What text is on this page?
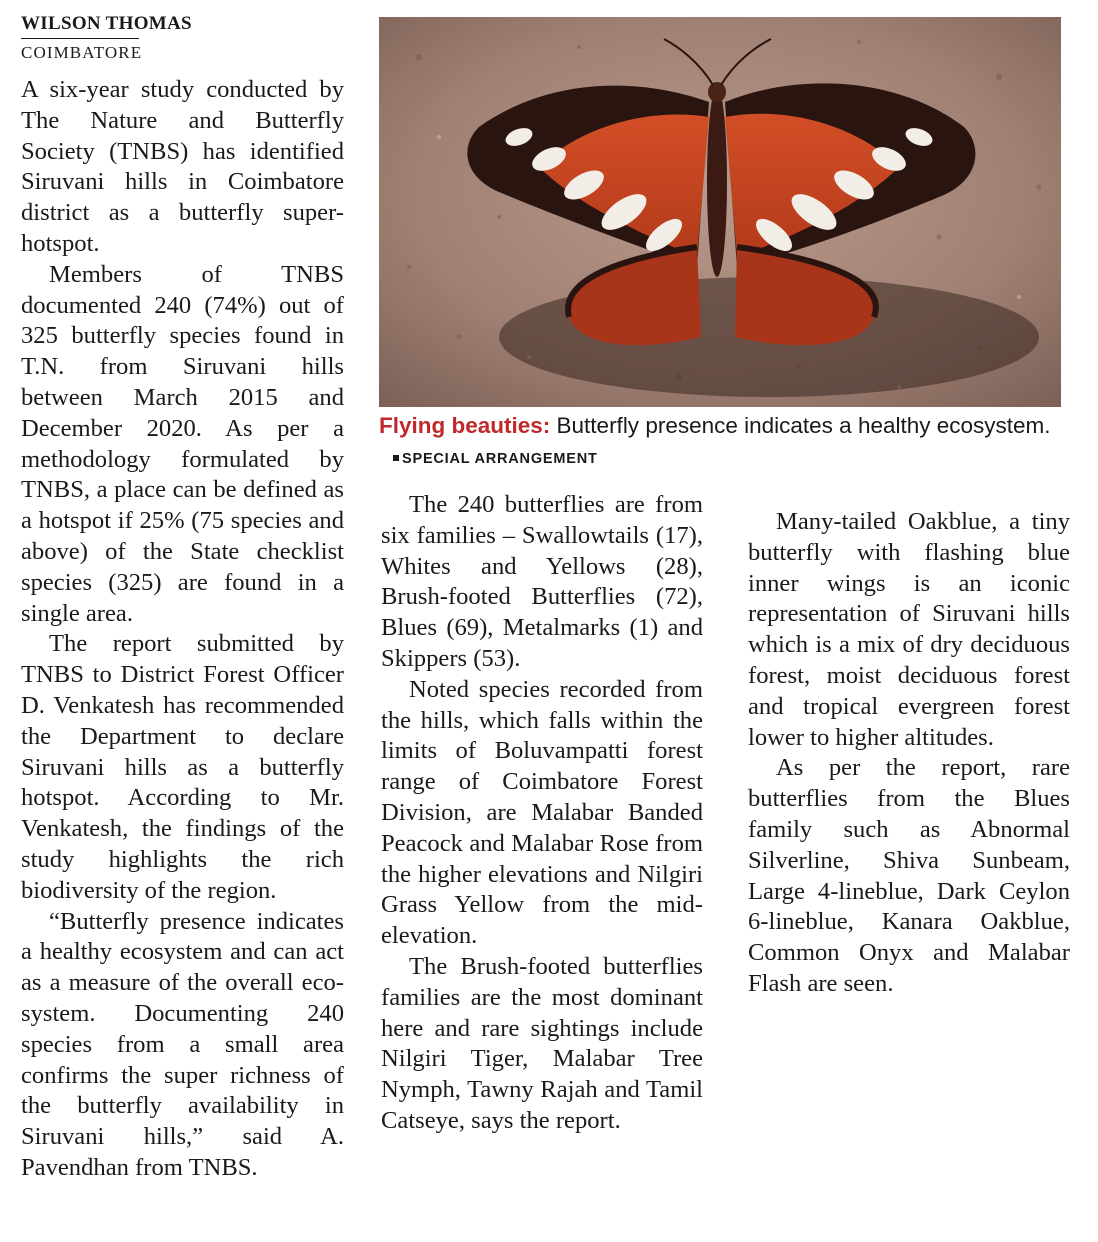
WILSON THOMAS
COIMBATORE

A six-year study conducted by The Nature and Butterfly Society (TNBS) has identified Siruvani hills in Coimbatore district as a butterfly super-hotspot.

Members of TNBS documented 240 (74%) out of 325 butterfly species found in T.N. from Siruvani hills between March 2015 and December 2020. As per a methodology formulated by TNBS, a place can be defined as a hotspot if 25% (75 species and above) of the State checklist species (325) are found in a single area.

The report submitted by TNBS to District Forest Officer D. Venkatesh has recommended the Department to declare Siruvani hills as a butterfly hotspot. According to Mr. Venkatesh, the findings of the study highlights the rich biodiversity of the region.

“Butterfly presence indicates a healthy ecosystem and can act as a measure of the overall eco-system. Documenting 240 species from a small area confirms the super richness of the butterfly availability in Siruvani hills,” said A. Pavendhan from TNBS.

Flying beauties: Butterfly presence indicates a healthy ecosystem.SPECIAL ARRANGEMENT

The 240 butterflies are from six families – Swallowtails (17), Whites and Yellows (28), Brush-footed Butterflies (72), Blues (69), Metalmarks (1) and Skippers (53).

Noted species recorded from the hills, which falls within the limits of Boluvampatti forest range of Coimbatore Forest Division, are Malabar Banded Peacock and Malabar Rose from the higher elevations and Nilgiri Grass Yellow from the mid-elevation.

The Brush-footed butterflies families are the most dominant here and rare sightings include Nilgiri Tiger, Malabar Tree Nymph, Tawny Rajah and Tamil Catseye, says the report.

Many-tailed Oakblue, a tiny butterfly with flashing blue inner wings is an iconic representation of Siruvani hills which is a mix of dry deciduous forest, moist deciduous forest and tropical evergreen forest lower to higher altitudes.

As per the report, rare butterflies from the Blues family such as Abnormal Silverline, Shiva Sunbeam, Large 4-lineblue, Dark Ceylon 6-lineblue, Kanara Oakblue, Common Onyx and Malabar Flash are seen.
